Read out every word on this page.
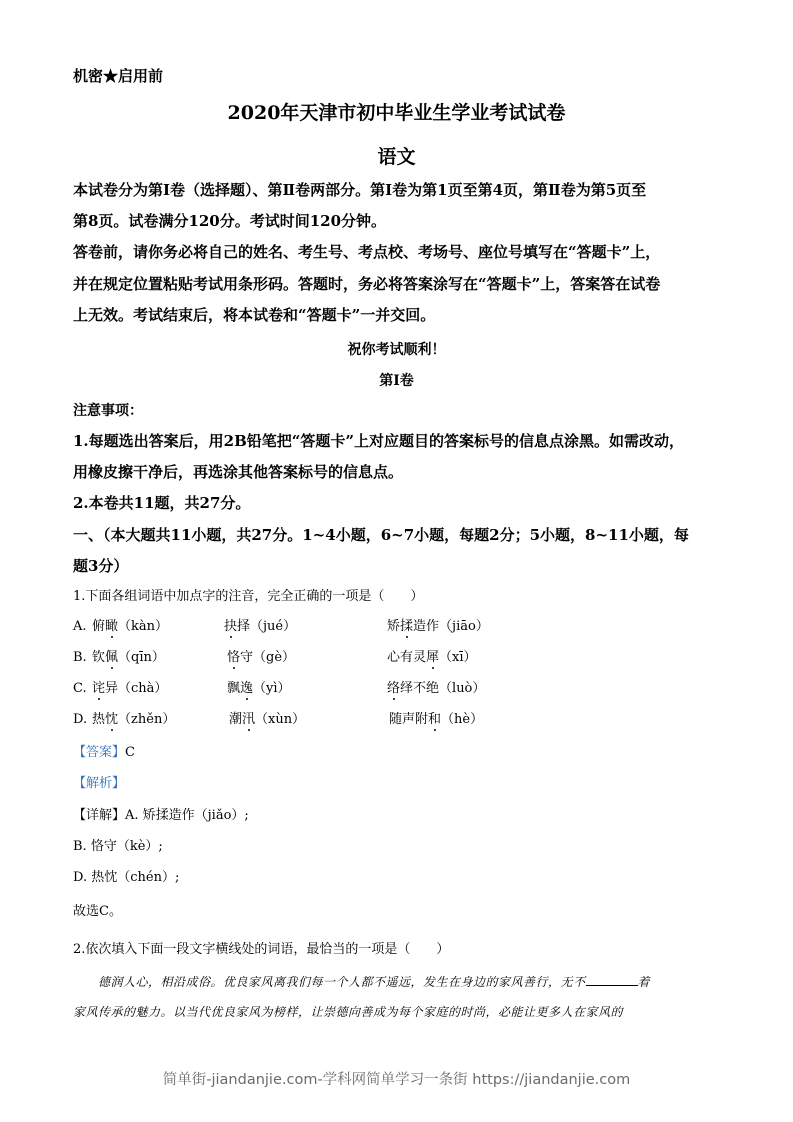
机密★启用前
2020年天津市初中毕业生学业考试试卷
语文
本试卷分为第Ⅰ卷（选择题）、第Ⅱ卷两部分。第Ⅰ卷为第1页至第4页，第Ⅱ卷为第5页至
第8页。试卷满分120分。考试时间120分钟。
答卷前，请你务必将自己的姓名、考生号、考点校、考场号、座位号填写在“答题卡”上，
并在规定位置粘贴考试用条形码。答题时，务必将答案涂写在“答题卡”上，答案答在试卷
上无效。考试结束后，将本试卷和“答题卡”一并交回。
祝你考试顺利！
第Ⅰ卷
注意事项：
1.每题选出答案后，用2B铅笔把“答题卡”上对应题目的答案标号的信息点涂黑。如需改动，
用橡皮擦干净后，再选涂其他答案标号的信息点。
2.本卷共11题，共27分。
一、（本大题共11小题，共27分。1~4小题，6~7小题，每题2分；5小题，8~11小题，每
题3分）
1.下面各组词语中加点字的注音，完全正确的一项是（　　）
A. 俯瞰（kàn）	抉择（jué）	矫揉造作（jiāo）
B. 钦佩（qīn）	恪守（gè）	心有灵犀（xī）
C. 诧异（chà）	飘逸（yì）	络绎不绝（luò）
D. 热忱（zhěn）	潮汛（xùn）	随声附和（hè）
【答案】C
【解析】
【详解】A. 矫揉造作（jiǎo）;
B. 恪守（kè）;
D. 热忱（chén）;
故选C。
2.依次填入下面一段文字横线处的词语，最恰当的一项是（　　）
德润人心，相沿成俗。优良家风离我们每一个人都不遥远，发生在身边的家风善行，无不	着
家风传承的魅力。以当代优良家风为榜样，让崇德向善成为每个家庭的时尚，必能让更多人在家风的
简单街-jiandanjie.com-学科网简单学习一条街 https://jiandanjie.com
